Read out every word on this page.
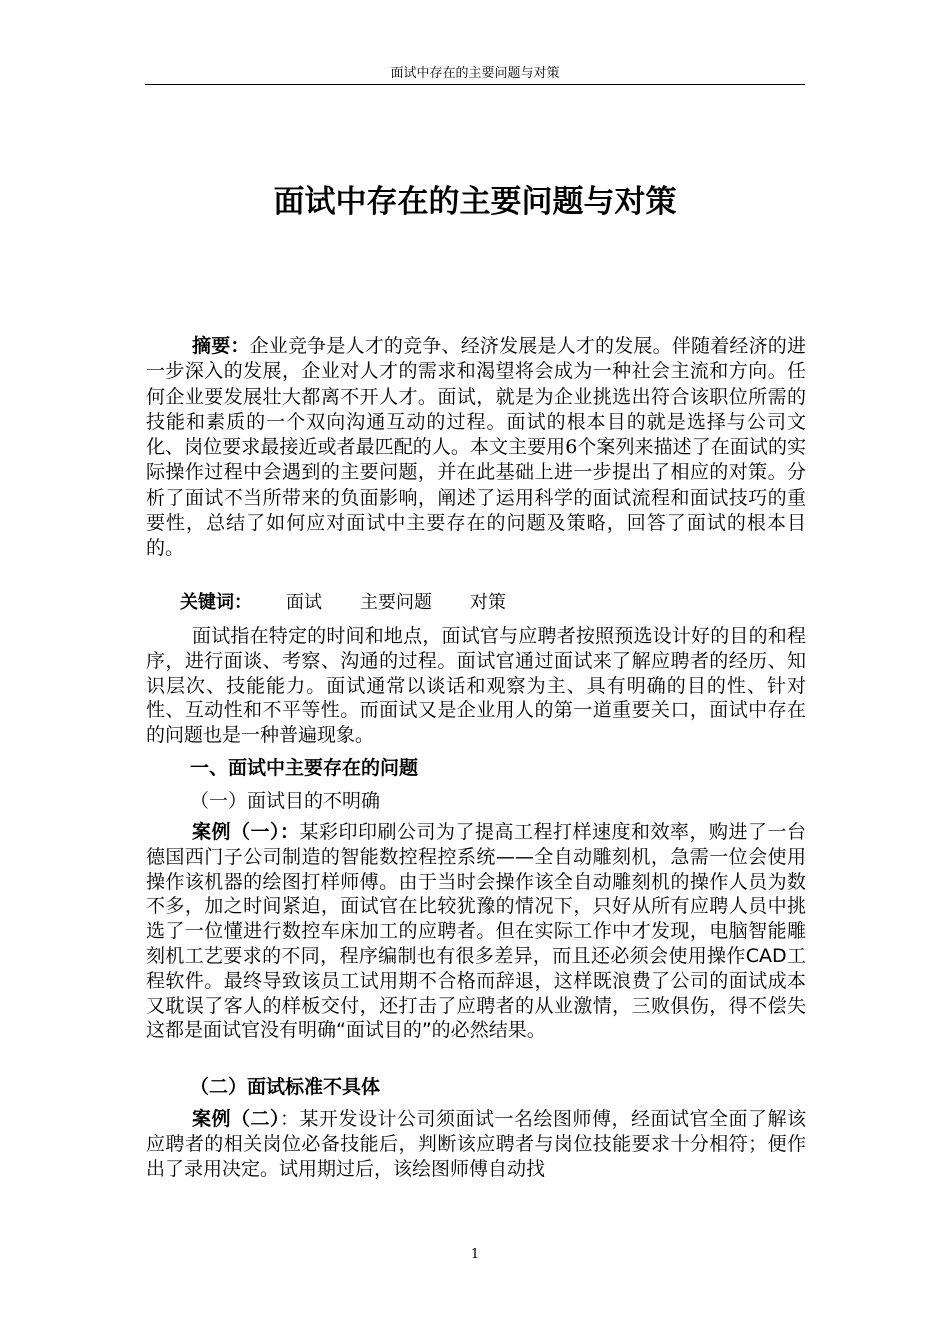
面试中存在的主要问题与对策
面试中存在的主要问题与对策

摘要：企业竞争是人才的竞争、经济发展是人才的发展。伴随着经济的进一步深入的发展，企业对人才的需求和渴望将会成为一种社会主流和方向。任何企业要发展壮大都离不开人才。面试，就是为企业挑选出符合该职位所需的技能和素质的一个双向沟通互动的过程。面试的根本目的就是选择与公司文化、岗位要求最接近或者最匹配的人。本文主要用6个案列来描述了在面试的实际操作过程中会遇到的主要问题，并在此基础上进一步提出了相应的对策。分析了面试不当所带来的负面影响，阐述了运用科学的面试流程和面试技巧的重要性，总结了如何应对面试中主要存在的问题及策略，回答了面试的根本目的。

关键词： 面试 主要问题 对策

面试指在特定的时间和地点，面试官与应聘者按照预选设计好的目的和程序，进行面谈、考察、沟通的过程。面试官通过面试来了解应聘者的经历、知识层次、技能能力。面试通常以谈话和观察为主、具有明确的目的性、针对性、互动性和不平等性。而面试又是企业用人的第一道重要关口，面试中存在的问题也是一种普遍现象。

一、面试中主要存在的问题

（一）面试目的不明确

案例（一）：某彩印印刷公司为了提高工程打样速度和效率，购进了一台德国西门子公司制造的智能数控程控系统——全自动雕刻机，急需一位会使用操作该机器的绘图打样师傅。由于当时会操作该全自动雕刻机的操作人员为数不多，加之时间紧迫，面试官在比较犹豫的情况下，只好从所有应聘人员中挑选了一位懂进行数控车床加工的应聘者。但在实际工作中才发现，电脑智能雕刻机工艺要求的不同，程序编制也有很多差异，而且还必须会使用操作CAD工程软件。最终导致该员工试用期不合格而辞退，这样既浪费了公司的面试成本又耽误了客人的样板交付，还打击了应聘者的从业激情，三败俱伤，得不偿失这都是面试官没有明确“面试目的”的必然结果。

（二）面试标准不具体

案例（二）：某开发设计公司须面试一名绘图师傅，经面试官全面了解该应聘者的相关岗位必备技能后，判断该应聘者与岗位技能要求十分相符；便作出了录用决定。试用期过后，该绘图师傅自动找

1
